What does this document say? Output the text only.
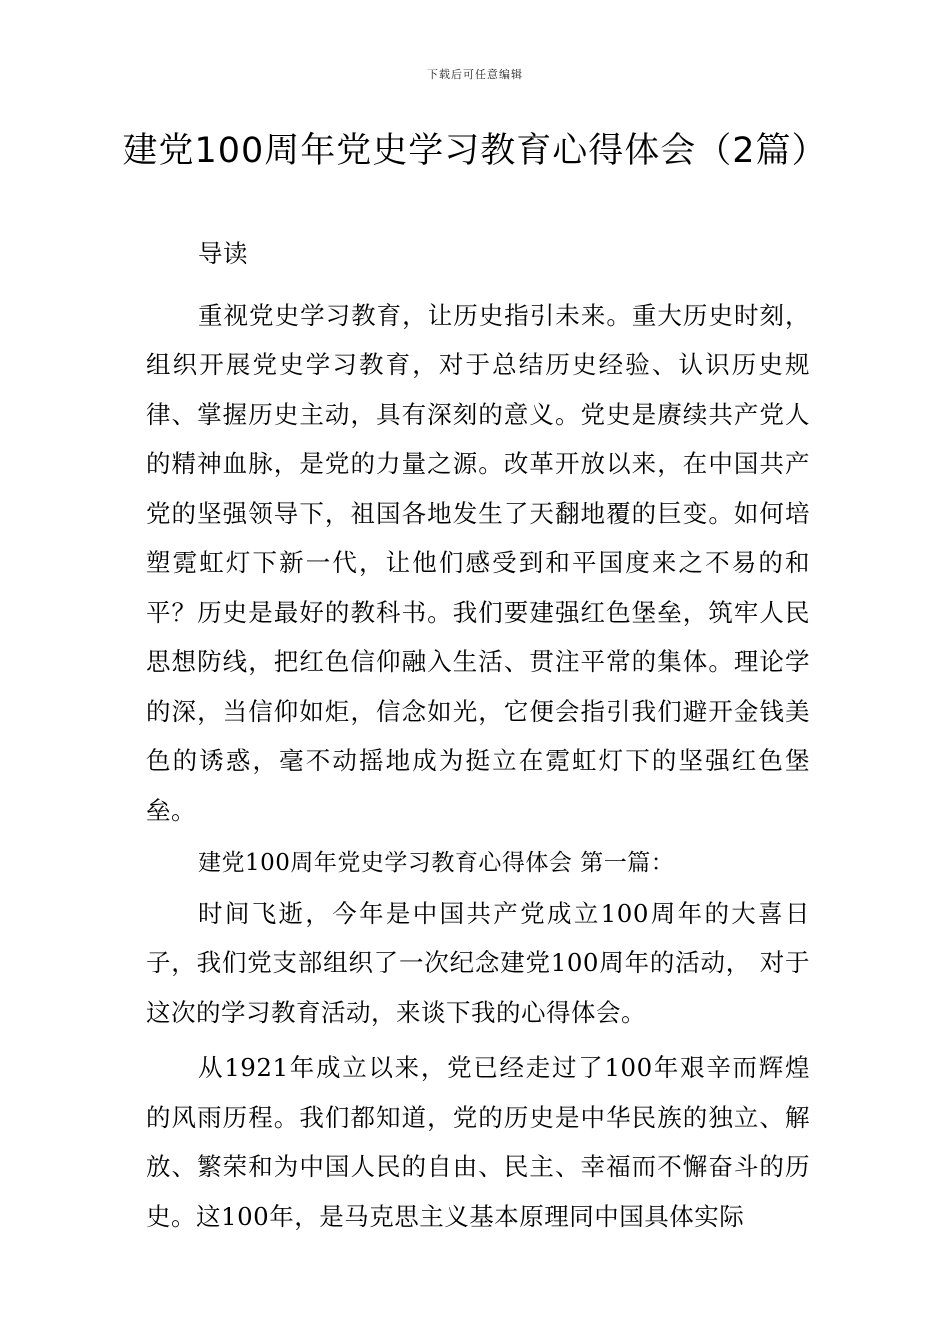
下载后可任意编辑
建党100周年党史学习教育心得体会（2篇）

导读

重视党史学习教育，让历史指引未来。重大历史时刻，组织开展党史学习教育，对于总结历史经验、认识历史规律、掌握历史主动，具有深刻的意义。党史是赓续共产党人的精神血脉，是党的力量之源。改革开放以来，在中国共产党的坚强领导下，祖国各地发生了天翻地覆的巨变。如何培塑霓虹灯下新一代，让他们感受到和平国度来之不易的和平？历史是最好的教科书。我们要建强红色堡垒，筑牢人民思想防线，把红色信仰融入生活、贯注平常的集体。理论学的深，当信仰如炬，信念如光，它便会指引我们避开金钱美色的诱惑，毫不动摇地成为挺立在霓虹灯下的坚强红色堡垒。

建党100周年党史学习教育心得体会 第一篇：

时间飞逝，今年是中国共产党成立100周年的大喜日子，我们党支部组织了一次纪念建党100周年的活动， 对于这次的学习教育活动，来谈下我的心得体会。

从1921年成立以来，党已经走过了100年艰辛而辉煌的风雨历程。我们都知道，党的历史是中华民族的独立、解放、繁荣和为中国人民的自由、民主、幸福而不懈奋斗的历史。这100年，是马克思主义基本原理同中国具体实际
